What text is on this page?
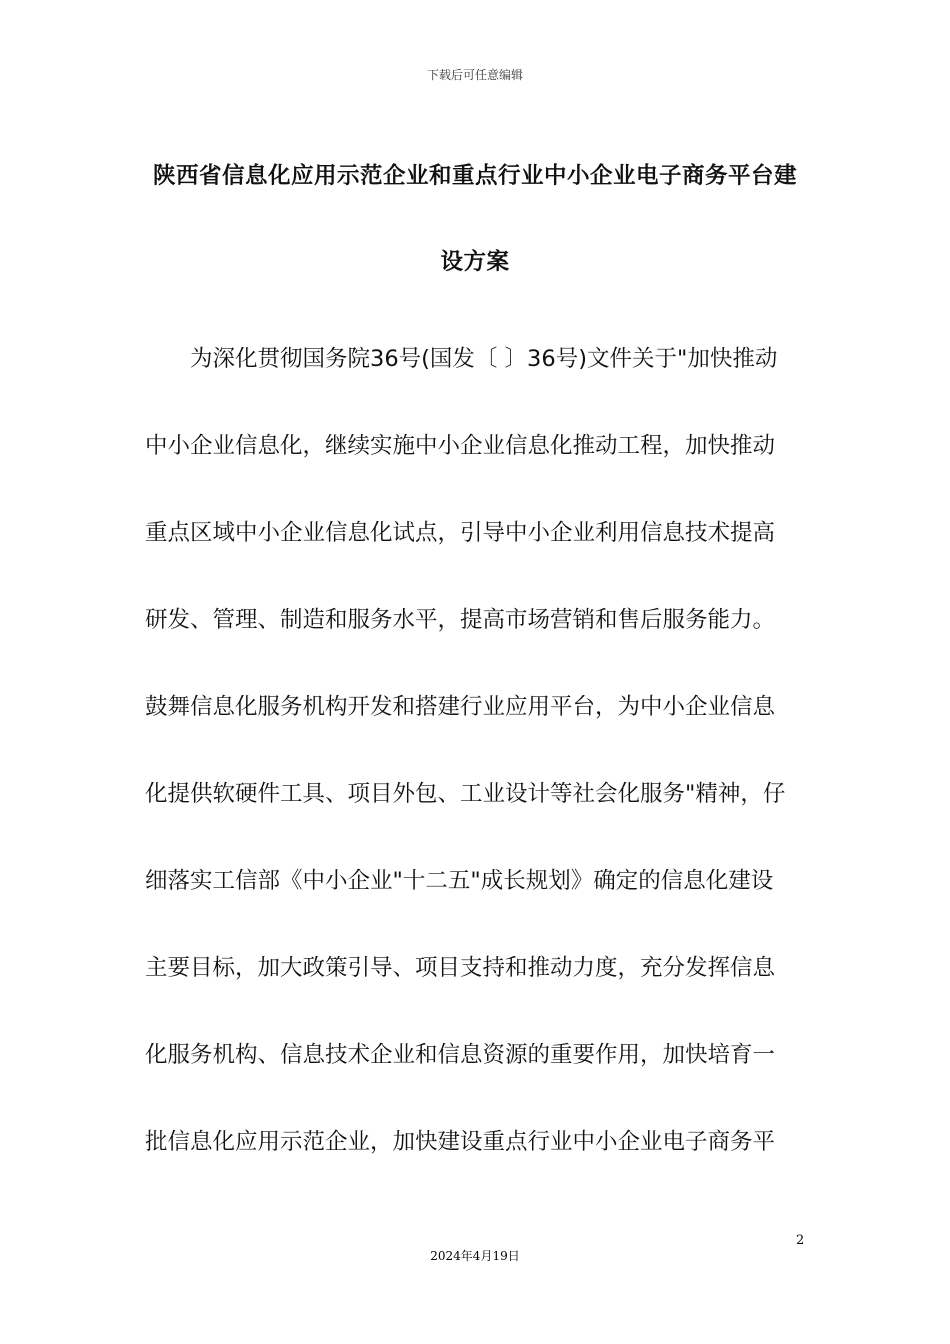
下载后可任意编辑
陕西省信息化应用示范企业和重点行业中小企业电子商务平台建
设方案
　　为深化贯彻国务院36号(国发〔 〕36号)文件关于"加快推动
中小企业信息化，继续实施中小企业信息化推动工程，加快推动
重点区域中小企业信息化试点，引导中小企业利用信息技术提高
研发、管理、制造和服务水平，提高市场营销和售后服务能力。
鼓舞信息化服务机构开发和搭建行业应用平台，为中小企业信息
化提供软硬件工具、项目外包、工业设计等社会化服务"精神，仔
细落实工信部《中小企业"十二五"成长规划》确定的信息化建设
主要目标，加大政策引导、项目支持和推动力度，充分发挥信息
化服务机构、信息技术企业和信息资源的重要作用，加快培育一
批信息化应用示范企业，加快建设重点行业中小企业电子商务平
2
2024年4月19日
